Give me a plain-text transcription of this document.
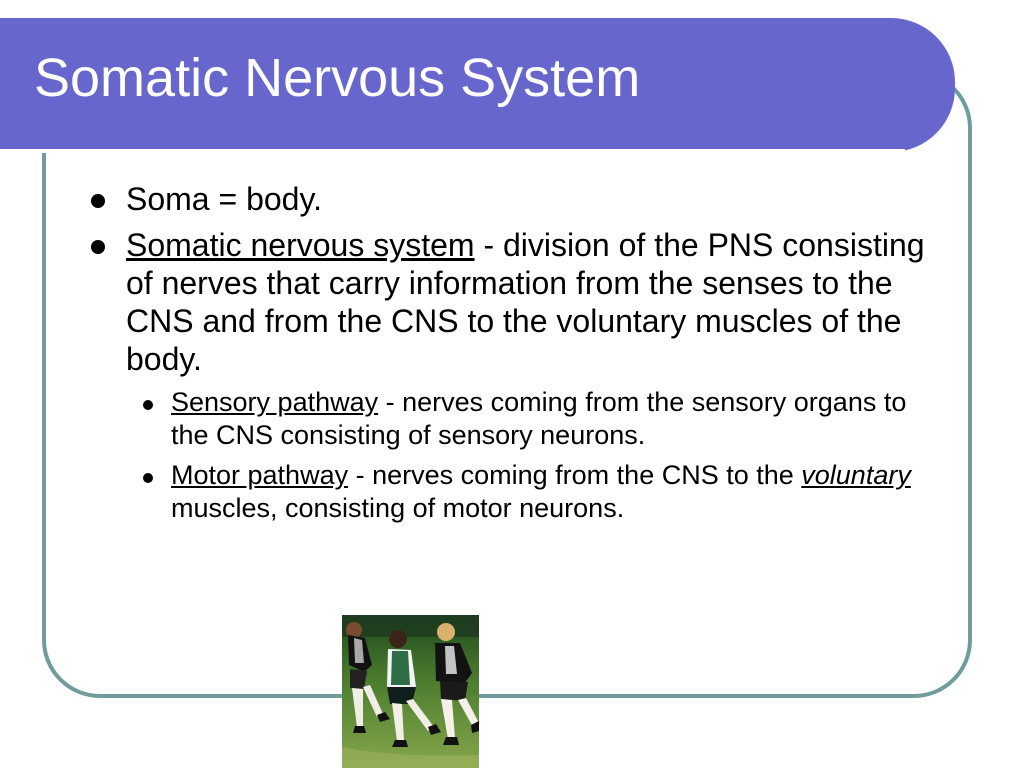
Somatic Nervous System
Soma = body.
Somatic nervous system - division of the PNS consisting of nerves that carry information from the senses to the CNS and from the CNS to the voluntary muscles of the body.
Sensory pathway - nerves coming from the sensory organs to the CNS consisting of sensory neurons.
Motor pathway - nerves coming from the CNS to the voluntary muscles, consisting of motor neurons.
